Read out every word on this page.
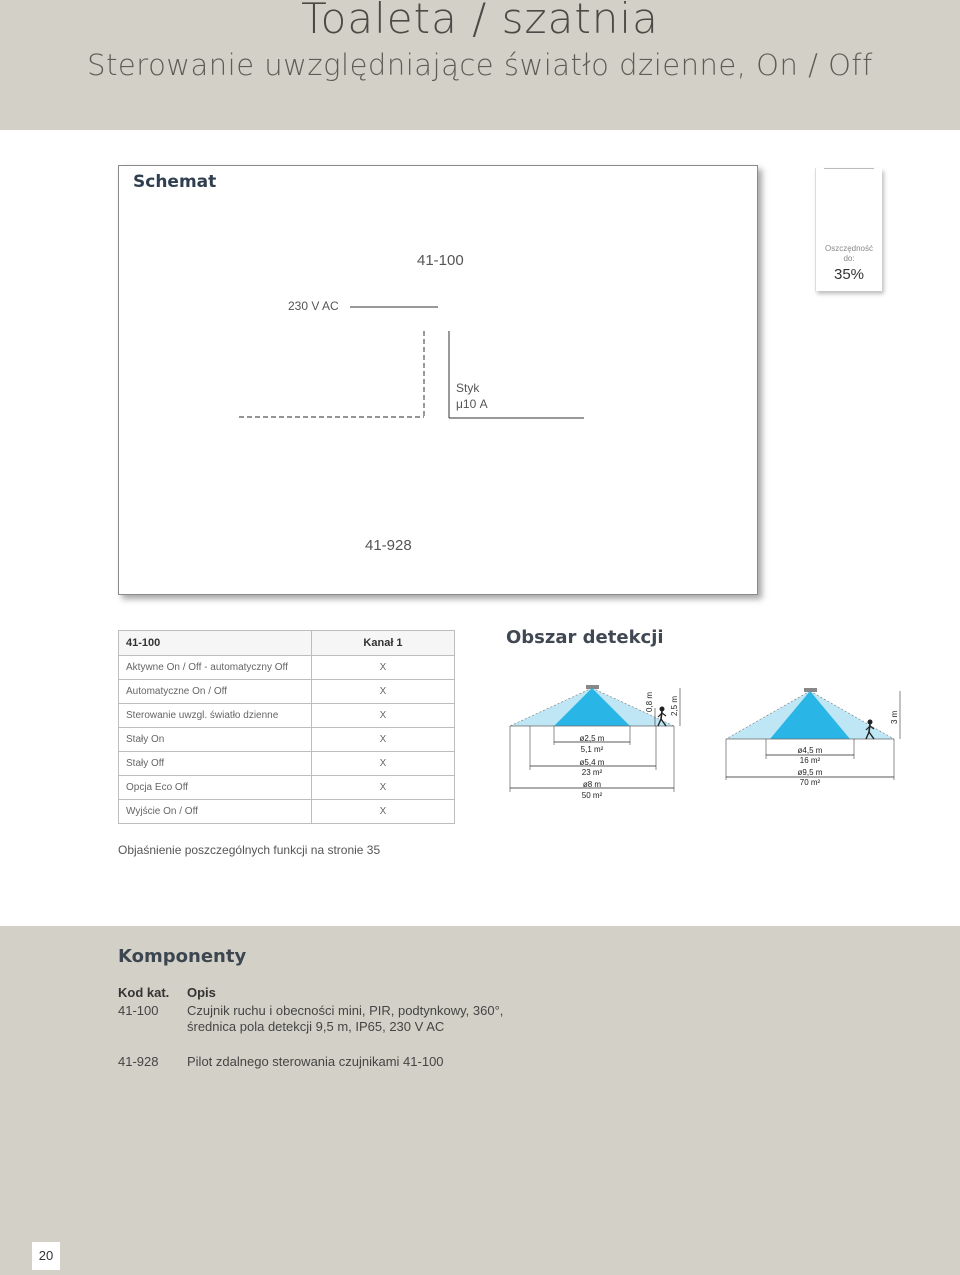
Toaleta / szatnia
Sterowanie uwzględniające światło dzienne, On / Off
Schemat
41-100
230 V AC
Styk
μ10 A
41-928
Oszczędność
do:
35%
41-100	Kanał 1
Aktywne On / Off - automatyczny Off	X
Automatyczne On / Off	X
Sterowanie uwzgl. światło dzienne	X
Stały On	X
Stały Off	X
Opcja Eco Off	X
Wyjście On / Off	X
Obszar detekcji
ø2,5 m
5,1 m²
ø5,4 m
23 m²
ø8 m
50 m²
0,8 m 2,5 m
ø4,5 m
16 m²
ø9,5 m
70 m²
3 m
Objaśnienie poszczególnych funkcji na stronie 35
Komponenty
Kod kat. Opis
41-100 Czujnik ruchu i obecności mini, PIR, podtynkowy, 360°,
średnica pola detekcji 9,5 m, IP65, 230 V AC
41-928 Pilot zdalnego sterowania czujnikami 41-100
20
